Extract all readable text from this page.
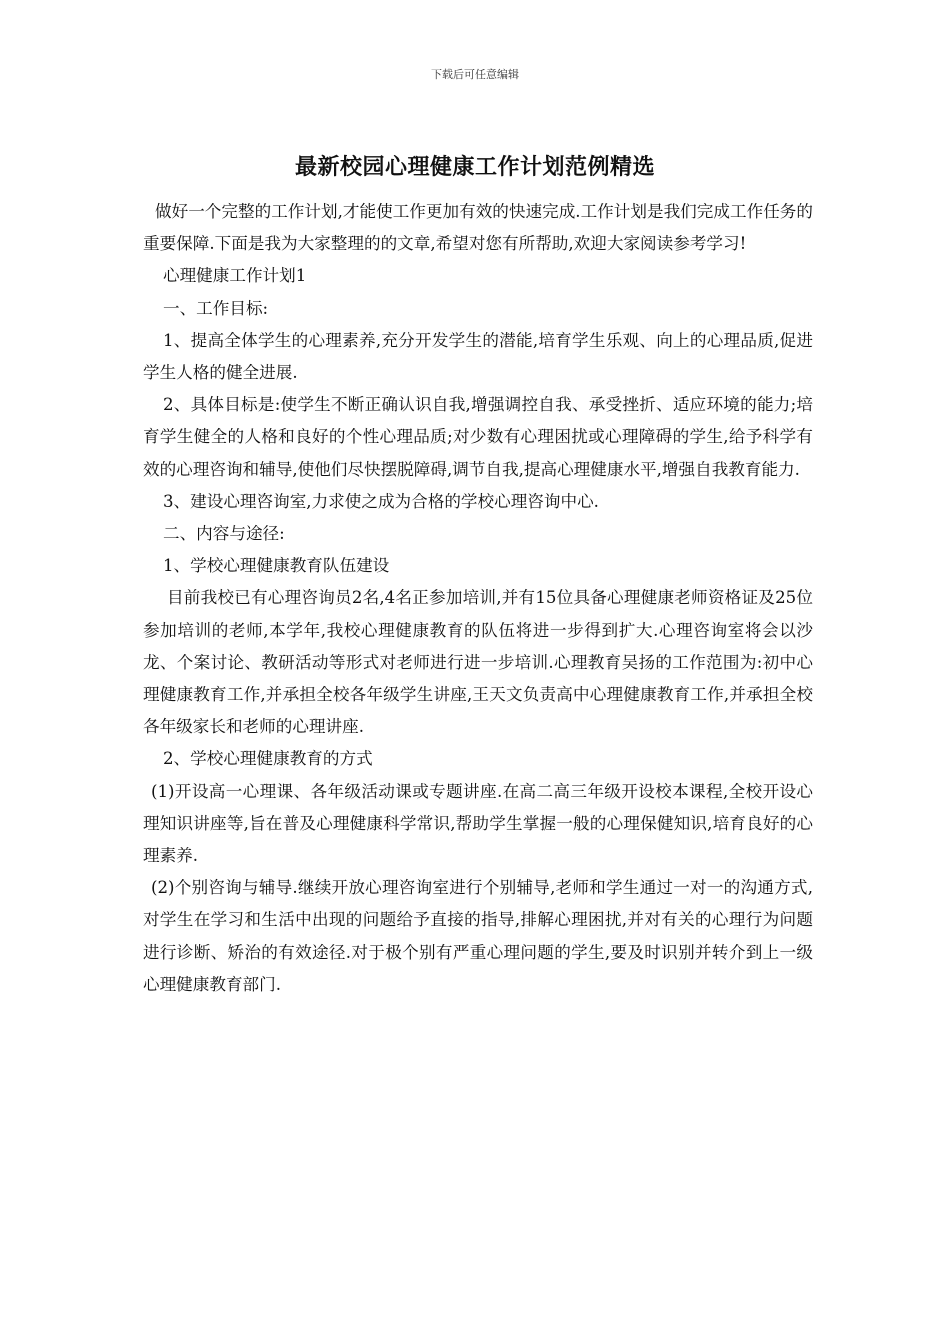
下载后可任意编辑
最新校园心理健康工作计划范例精选

做好一个完整的工作计划,才能使工作更加有效的快速完成.工作计划是我们完成工作任务的重要保障.下面是我为大家整理的的文章,希望对您有所帮助,欢迎大家阅读参考学习!

心理健康工作计划1

一、工作目标:

1、提高全体学生的心理素养,充分开发学生的潜能,培育学生乐观、向上的心理品质,促进学生人格的健全进展.

2、具体目标是:使学生不断正确认识自我,增强调控自我、承受挫折、适应环境的能力;培育学生健全的人格和良好的个性心理品质;对少数有心理困扰或心理障碍的学生,给予科学有效的心理咨询和辅导,使他们尽快摆脱障碍,调节自我,提高心理健康水平,增强自我教育能力.

3、建设心理咨询室,力求使之成为合格的学校心理咨询中心.

二、内容与途径:

1、学校心理健康教育队伍建设

目前我校已有心理咨询员2名,4名正参加培训,并有15位具备心理健康老师资格证及25位参加培训的老师,本学年,我校心理健康教育的队伍将进一步得到扩大.心理咨询室将会以沙龙、个案讨论、教研活动等形式对老师进行进一步培训.心理教育吴扬的工作范围为:初中心理健康教育工作,并承担全校各年级学生讲座,王天文负责高中心理健康教育工作,并承担全校各年级家长和老师的心理讲座.

2、学校心理健康教育的方式

(1)开设高一心理课、各年级活动课或专题讲座.在高二高三年级开设校本课程,全校开设心理知识讲座等,旨在普及心理健康科学常识,帮助学生掌握一般的心理保健知识,培育良好的心理素养.

(2)个别咨询与辅导.继续开放心理咨询室进行个别辅导,老师和学生通过一对一的沟通方式,对学生在学习和生活中出现的问题给予直接的指导,排解心理困扰,并对有关的心理行为问题进行诊断、矫治的有效途径.对于极个别有严重心理问题的学生,要及时识别并转介到上一级心理健康教育部门.
